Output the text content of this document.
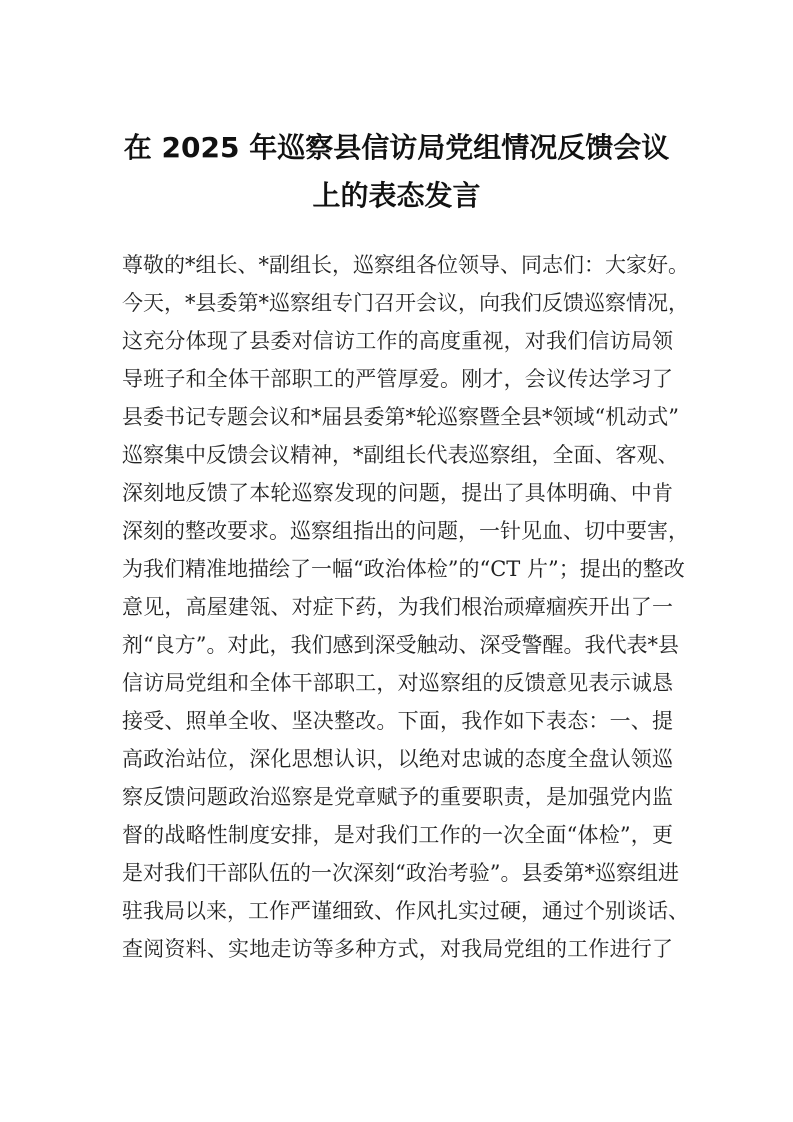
在 2025 年巡察县信访局党组情况反馈会议
上的表态发言
尊敬的*组长、*副组长，巡察组各位领导、同志们：大家好。
今天，*县委第*巡察组专门召开会议，向我们反馈巡察情况，
这充分体现了县委对信访工作的高度重视，对我们信访局领
导班子和全体干部职工的严管厚爱。刚才，会议传达学习了
县委书记专题会议和*届县委第*轮巡察暨全县*领域“机动式”
巡察集中反馈会议精神，*副组长代表巡察组，全面、客观、
深刻地反馈了本轮巡察发现的问题，提出了具体明确、中肯
深刻的整改要求。巡察组指出的问题，一针见血、切中要害，
为我们精准地描绘了一幅“政治体检”的“CT 片”；提出的整改
意见，高屋建瓴、对症下药，为我们根治顽瘴痼疾开出了一
剂“良方”。对此，我们感到深受触动、深受警醒。我代表*县
信访局党组和全体干部职工，对巡察组的反馈意见表示诚恳
接受、照单全收、坚决整改。下面，我作如下表态：一、提
高政治站位，深化思想认识，以绝对忠诚的态度全盘认领巡
察反馈问题政治巡察是党章赋予的重要职责，是加强党内监
督的战略性制度安排，是对我们工作的一次全面“体检”，更
是对我们干部队伍的一次深刻“政治考验”。县委第*巡察组进
驻我局以来，工作严谨细致、作风扎实过硬，通过个别谈话、
查阅资料、实地走访等多种方式，对我局党组的工作进行了
